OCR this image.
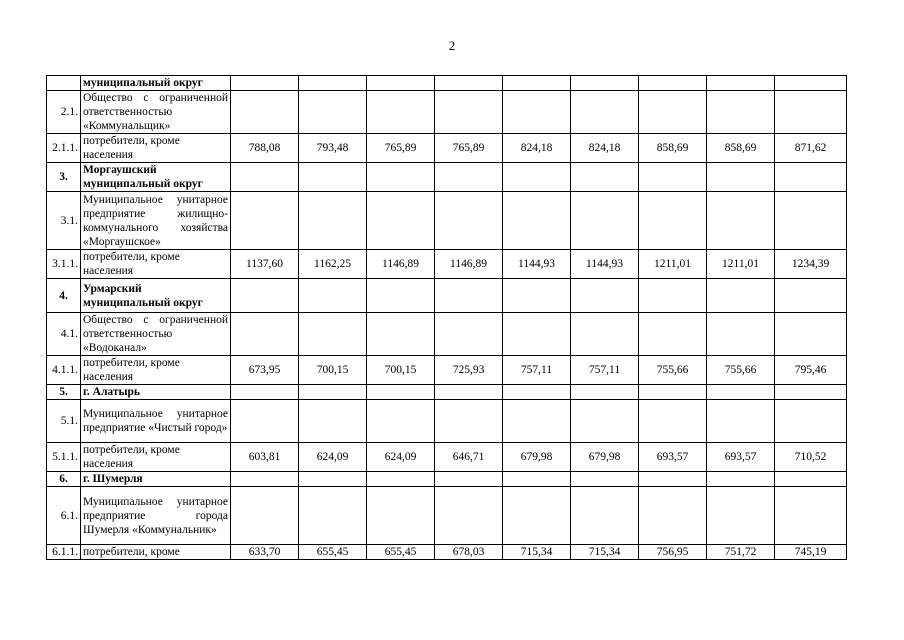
2
	муниципальный округ									
2.1.	Общество с ограниченной ответственностью «Коммунальщик»									
2.1.1.	потребители, кроме населения	788,08	793,48	765,89	765,89	824,18	824,18	858,69	858,69	871,62
3.	Моргаушский муниципальный округ									
3.1.	Муниципальное унитарное предприятие жилищно-коммунального хозяйства «Моргаушское»									
3.1.1.	потребители, кроме населения	1137,60	1162,25	1146,89	1146,89	1144,93	1144,93	1211,01	1211,01	1234,39
4.	Урмарский муниципальный округ									
4.1.	Общество с ограниченной ответственностью «Водоканал»									
4.1.1.	потребители, кроме населения	673,95	700,15	700,15	725,93	757,11	757,11	755,66	755,66	795,46
5.	г. Алатырь									
5.1.	Муниципальное унитарное предприятие «Чистый город»									
5.1.1.	потребители, кроме населения	603,81	624,09	624,09	646,71	679,98	679,98	693,57	693,57	710,52
6.	г. Шумерля									
6.1.	Муниципальное унитарное предприятие города Шумерля «Коммунальник»									
6.1.1.	потребители, кроме	633,70	655,45	655,45	678,03	715,34	715,34	756,95	751,72	745,19
